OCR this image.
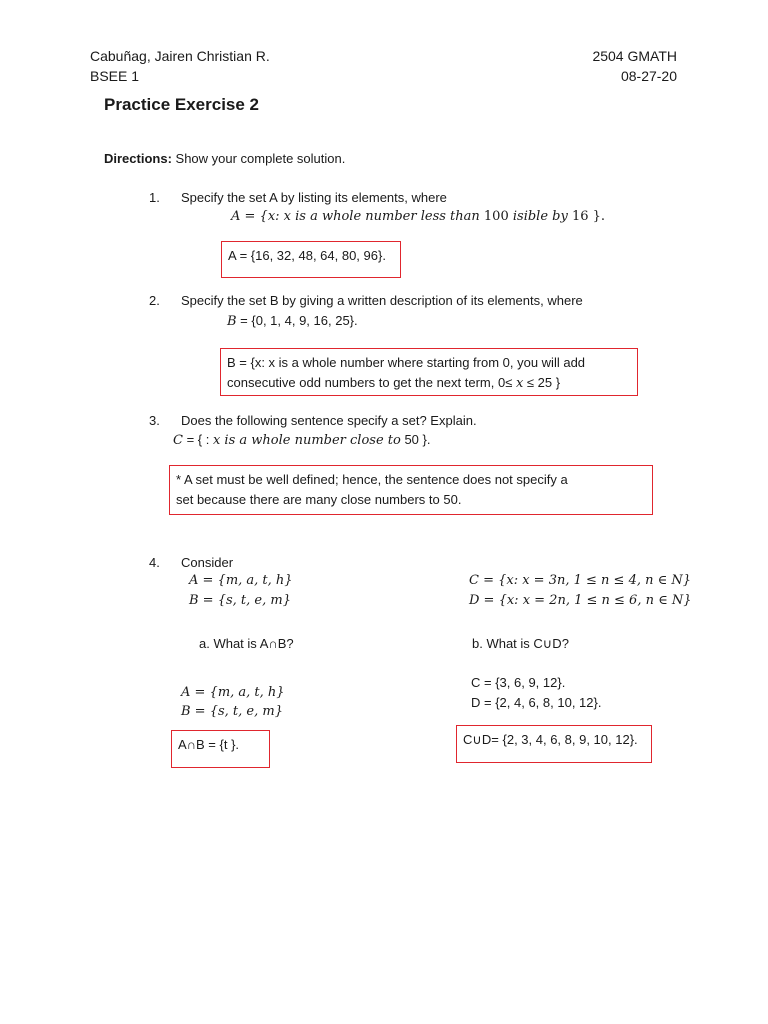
Cabuñag, Jairen Christian R.
BSEE 1
2504 GMATH
08-27-20
Practice Exercise 2
Directions: Show your complete solution.
1. Specify the set A by listing its elements, where
A = {x: x is a whole number less than 100 isible by 16 }.
A = {16, 32, 48, 64, 80, 96}.
2. Specify the set B by giving a written description of its elements, where
B = {0, 1, 4, 9, 16, 25}.
B = {x: x is a whole number where starting from 0, you will add
consecutive odd numbers to get the next term, 0≤ x ≤ 25 }
3. Does the following sentence specify a set? Explain.
C = { : x is a whole number close to 50 }.
* A set must be well defined; hence, the sentence does not specify a
set because there are many close numbers to 50.
4. Consider
A = {m, a, t, h}
B = {s, t, e, m}
C = {x: x = 3n, 1 ≤ n ≤ 4, n ∈ N}
D = {x: x = 2n, 1 ≤ n ≤ 6, n ∈ N}
a. What is A∩B?	b. What is C∪D?
A = {m, a, t, h}
B = {s, t, e, m}
A∩B = {t }.
C = {3, 6, 9, 12}.
D = {2, 4, 6, 8, 10, 12}.
C∪D= {2, 3, 4, 6, 8, 9, 10, 12}.
